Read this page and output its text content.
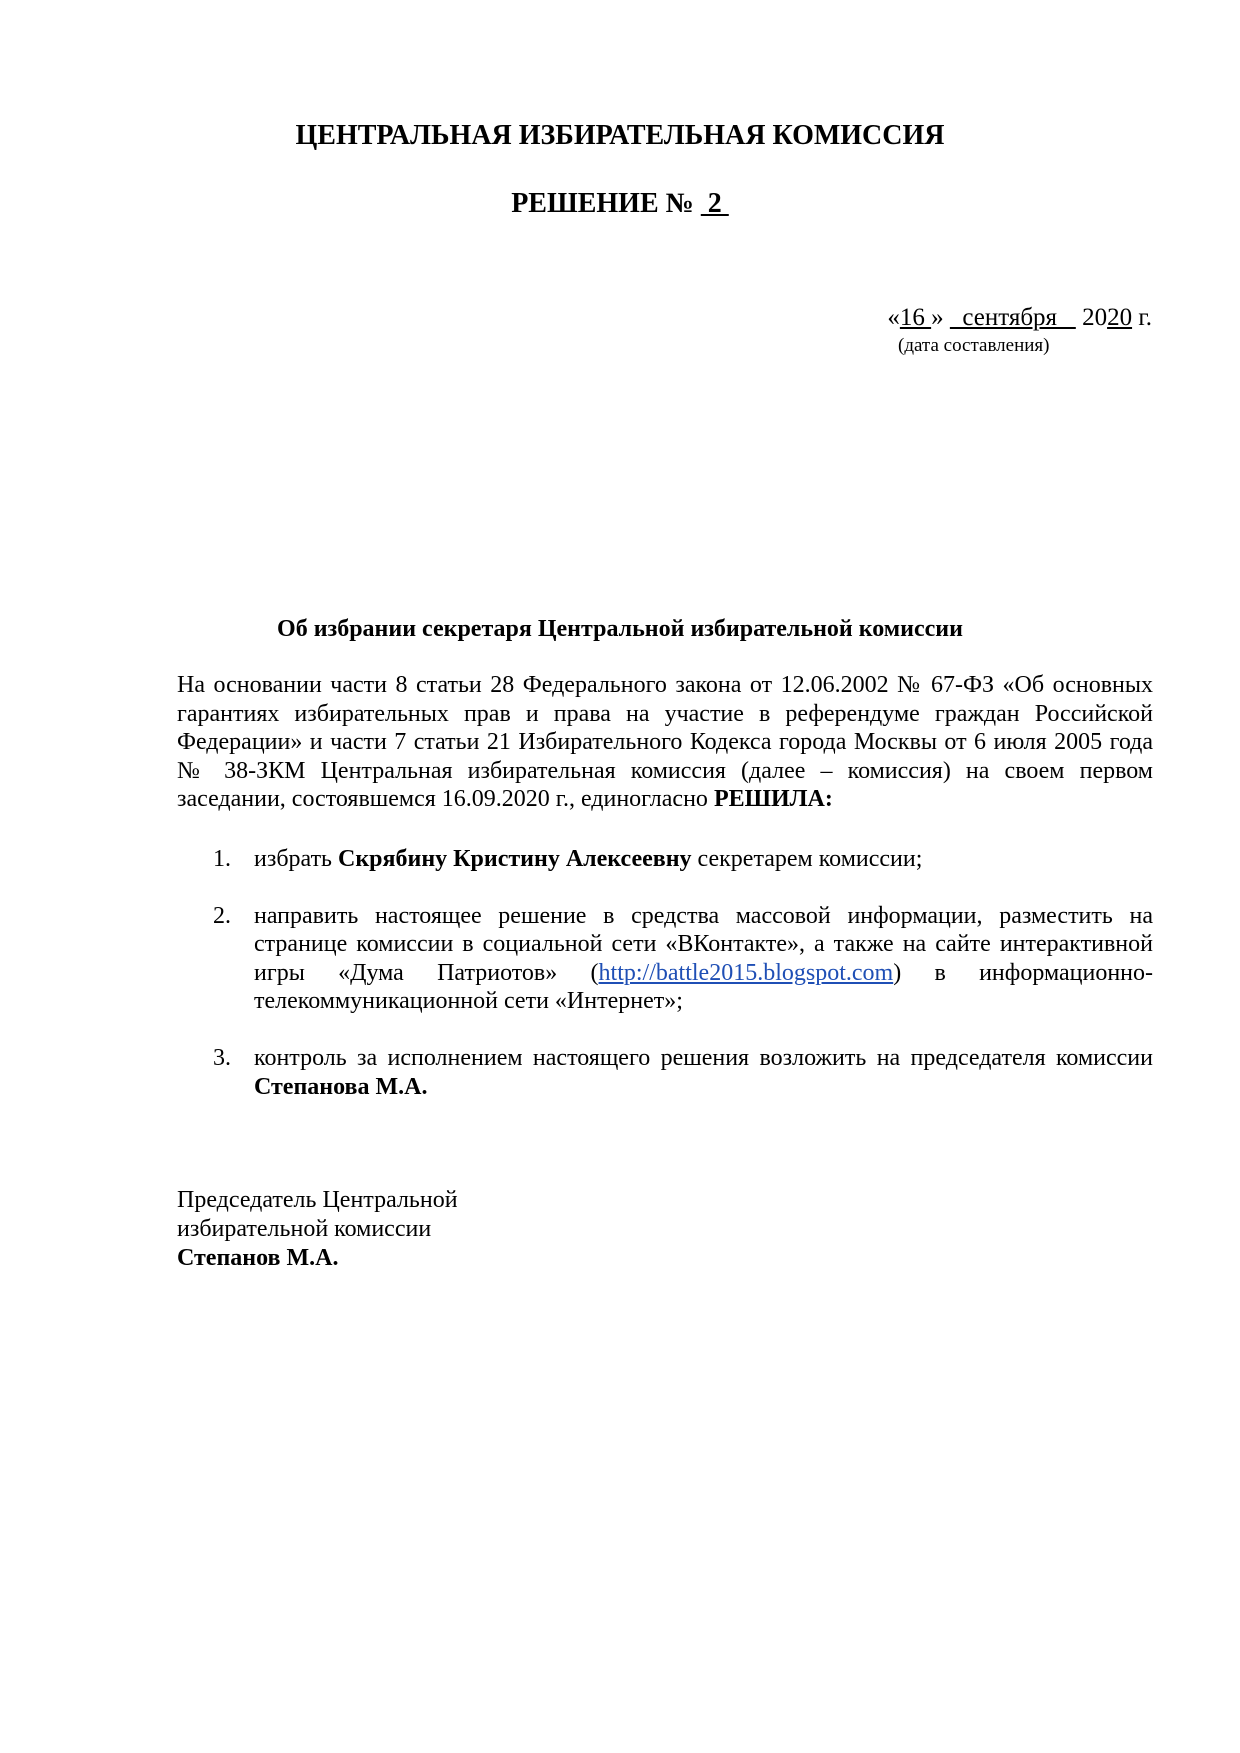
ЦЕНТРАЛЬНАЯ ИЗБИРАТЕЛЬНАЯ КОМИССИЯ
РЕШЕНИЕ №  2
«16 »   сентября    2020 г.
(дата составления)
Об избрании секретаря Центральной избирательной комиссии

На основании части 8 статьи 28 Федерального закона от 12.06.2002 № 67-ФЗ «Об основных гарантиях избирательных прав и права на участие в референдуме граждан Российской Федерации» и части 7 статьи 21 Избирательного Кодекса города Москвы от 6 июля 2005 года № 38-ЗКМ Центральная избирательная комиссия (далее – комиссия) на своем первом заседании, состоявшемся 16.09.2020 г., единогласно РЕШИЛА:

1. избрать Скрябину Кристину Алексеевну секретарем комиссии;
2. направить настоящее решение в средства массовой информации, разместить на странице комиссии в социальной сети «ВКонтакте», а также на сайте интерактивной игры «Дума Патриотов» (http://battle2015.blogspot.com) в информационно-телекоммуникационной сети «Интернет»;
3. контроль за исполнением настоящего решения возложить на председателя комиссии Степанова М.А.
Председатель Центральной
избирательной комиссии
Степанов М.А.
